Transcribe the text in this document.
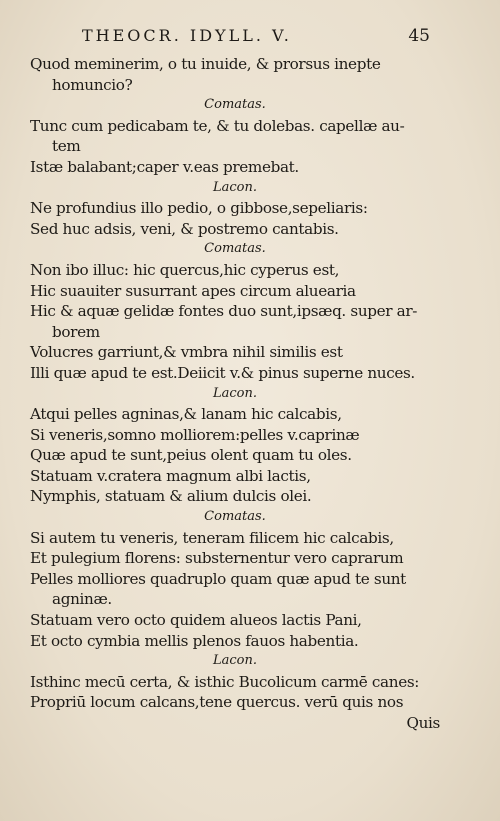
THEOCR. IDYLL. V.	45
Quod meminerim, o tu inuide, & prorsus inepte
homuncio?
Comatas.
Tunc cum pedicabam te, & tu dolebas. capellæ au-
tem
Istæ balabant;caper v.eas premebat.
Lacon.
Ne profundius illo pedio, o gibbose,sepeliaris:
Sed huc adsis, veni, & postremo cantabis.
Comatas.
Non ibo illuc: hic quercus,hic cyperus est,
Hic suauiter susurrant apes circum aluearia
Hic & aquæ gelidæ fontes duo sunt,ipsæq. super ar-
borem
Volucres garriunt,& vmbra nihil similis est
Illi quæ apud te est.Deiicit v.& pinus superne nuces.
Lacon.
Atqui pelles agninas,& lanam hic calcabis,
Si veneris,somno molliorem:pelles v.caprinæ
Quæ apud te sunt,peius olent quam tu oles.
Statuam v.cratera magnum albi lactis,
Nymphis, statuam & alium dulcis olei.
Comatas.
Si autem tu veneris, teneram filicem hic calcabis,
Et pulegium florens: substernentur vero caprarum
Pelles molliores quadruplo quam quæ apud te sunt
agninæ.
Statuam vero octo quidem alueos lactis Pani,
Et octo cymbia mellis plenos fauos habentia.
Lacon.
Isthinc mecū certa, & isthic Bucolicum carmē canes:
Propriū locum calcans,tene quercus. verū quis nos
Quis
